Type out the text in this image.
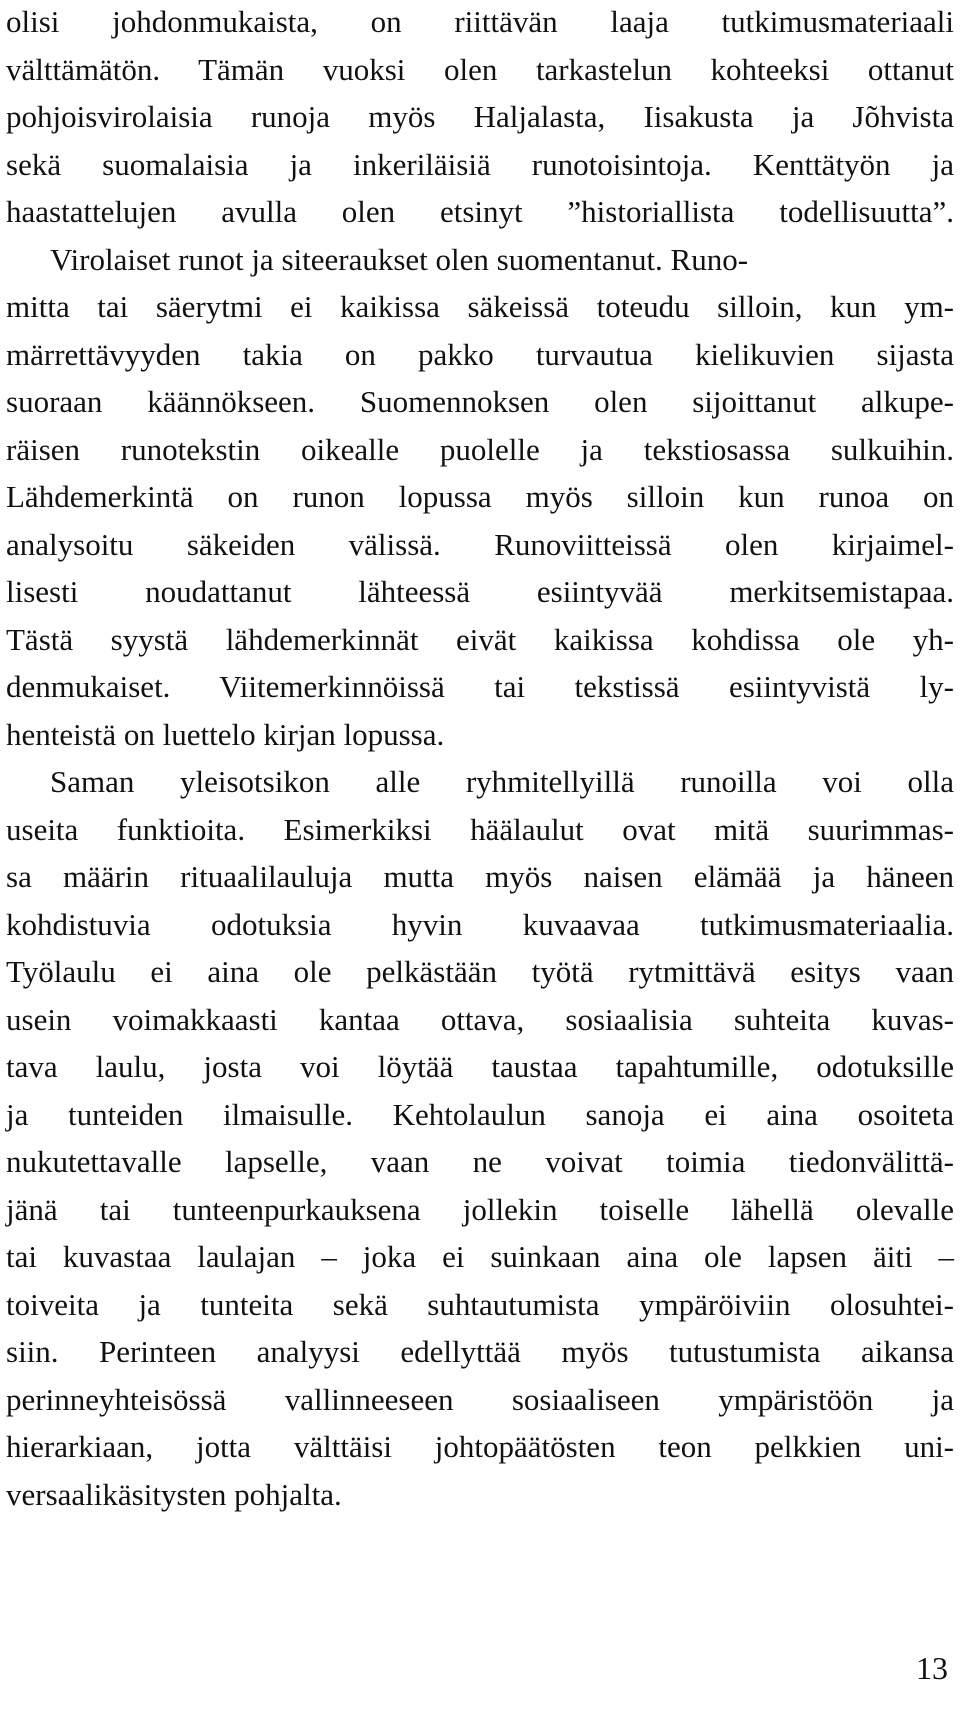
olisi johdonmukaista, on riittävän laaja tutkimusmateriaali
välttämätön. Tämän vuoksi olen tarkastelun kohteeksi ottanut
pohjoisvirolaisia runoja myös Haljalasta, Iisakusta ja Jõhvista
sekä suomalaisia ja inkeriläisiä runotoisintoja. Kenttätyön ja
haastattelujen avulla olen etsinyt ”historiallista todellisuutta”.
Virolaiset runot ja siteeraukset olen suomentanut. Runo-
mitta tai säerytmi ei kaikissa säkeissä toteudu silloin, kun ym-
märrettävyyden takia on pakko turvautua kielikuvien sijasta
suoraan käännökseen. Suomennoksen olen sijoittanut alkupe-
räisen runotekstin oikealle puolelle ja tekstiosassa sulkuihin.
Lähdemerkintä on runon lopussa myös silloin kun runoa on
analysoitu säkeiden välissä. Runoviitteissä olen kirjaimel-
lisesti noudattanut lähteessä esiintyvää merkitsemistapaa.
Tästä syystä lähdemerkinnät eivät kaikissa kohdissa ole yh-
denmukaiset. Viitemerkinnöissä tai tekstissä esiintyvistä ly-
henteistä on luettelo kirjan lopussa.
Saman yleisotsikon alle ryhmitellyillä runoilla voi olla
useita funktioita. Esimerkiksi häälaulut ovat mitä suurimmas-
sa määrin rituaalilauluja mutta myös naisen elämää ja häneen
kohdistuvia odotuksia hyvin kuvaavaa tutkimusmateriaalia.
Työlaulu ei aina ole pelkästään työtä rytmittävä esitys vaan
usein voimakkaasti kantaa ottava, sosiaalisia suhteita kuvas-
tava laulu, josta voi löytää taustaa tapahtumille, odotuksille
ja tunteiden ilmaisulle. Kehtolaulun sanoja ei aina osoiteta
nukutettavalle lapselle, vaan ne voivat toimia tiedonvälittä-
jänä tai tunteenpurkauksena jollekin toiselle lähellä olevalle
tai kuvastaa laulajan – joka ei suinkaan aina ole lapsen äiti –
toiveita ja tunteita sekä suhtautumista ympäröiviin olosuhtei-
siin. Perinteen analyysi edellyttää myös tutustumista aikansa
perinneyhteisössä vallinneeseen sosiaaliseen ympäristöön ja
hierarkiaan, jotta välttäisi johtopäätösten teon pelkkien uni-
versaalikäsitysten pohjalta.
13
